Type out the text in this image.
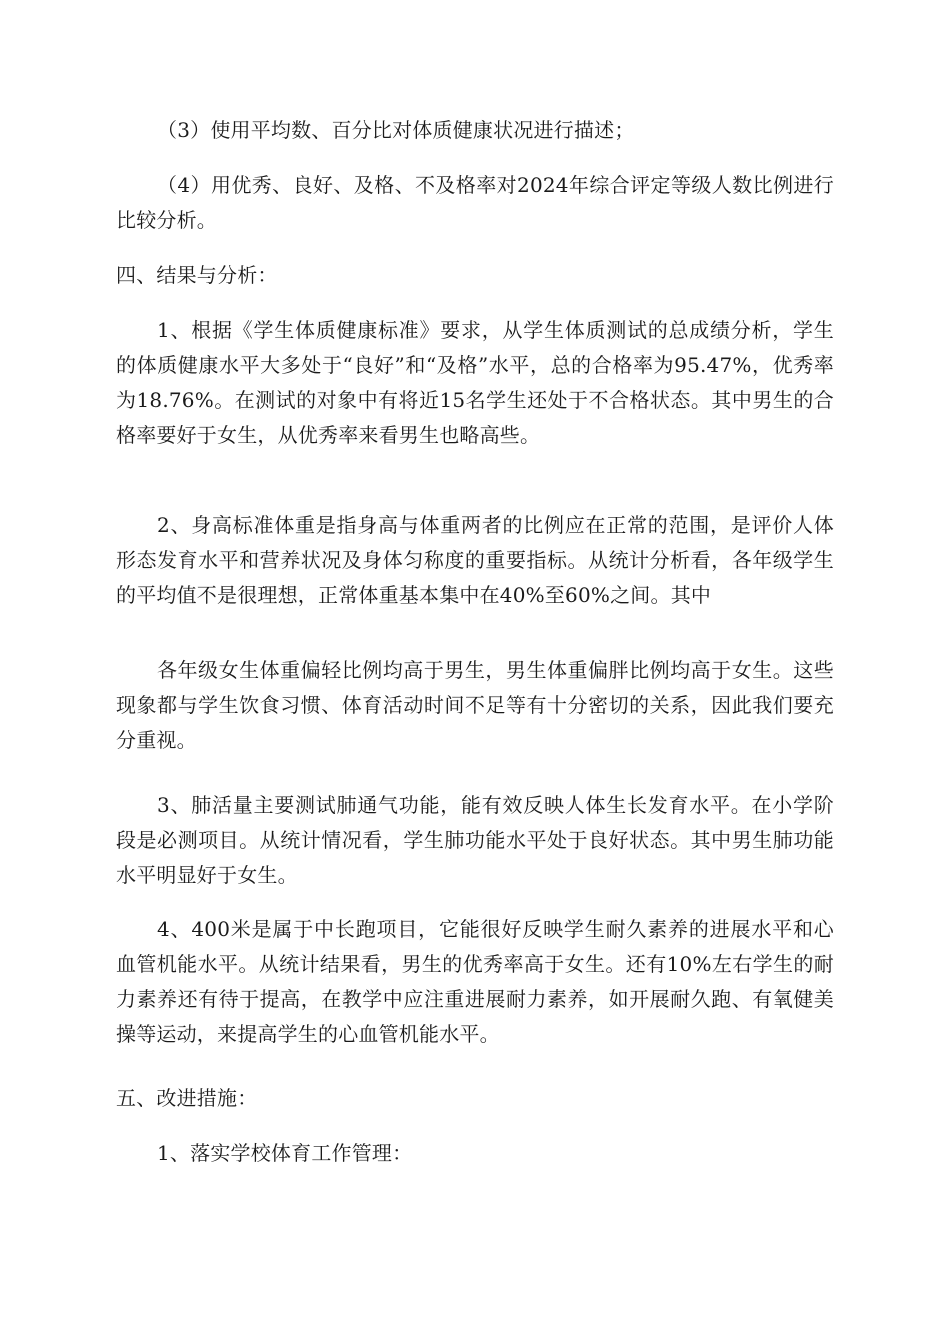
（3）使用平均数、百分比对体质健康状况进行描述；

（4）用优秀、良好、及格、不及格率对2024年综合评定等级人数比例进行比较分析。

四、结果与分析：

1、根据《学生体质健康标准》要求，从学生体质测试的总成绩分析，学生的体质健康水平大多处于“良好”和“及格”水平，总的合格率为95.47%，优秀率为18.76%。在测试的对象中有将近15名学生还处于不合格状态。其中男生的合格率要好于女生，从优秀率来看男生也略高些。

2、身高标准体重是指身高与体重两者的比例应在正常的范围，是评价人体形态发育水平和营养状况及身体匀称度的重要指标。从统计分析看，各年级学生的平均值不是很理想，正常体重基本集中在40%至60%之间。其中

各年级女生体重偏轻比例均高于男生，男生体重偏胖比例均高于女生。这些现象都与学生饮食习惯、体育活动时间不足等有十分密切的关系，因此我们要充分重视。

3、肺活量主要测试肺通气功能，能有效反映人体生长发育水平。在小学阶段是必测项目。从统计情况看，学生肺功能水平处于良好状态。其中男生肺功能水平明显好于女生。

4、400米是属于中长跑项目，它能很好反映学生耐久素养的进展水平和心血管机能水平。从统计结果看，男生的优秀率高于女生。还有10%左右学生的耐力素养还有待于提高，在教学中应注重进展耐力素养，如开展耐久跑、有氧健美操等运动，来提高学生的心血管机能水平。

五、改进措施：

1、落实学校体育工作管理：
